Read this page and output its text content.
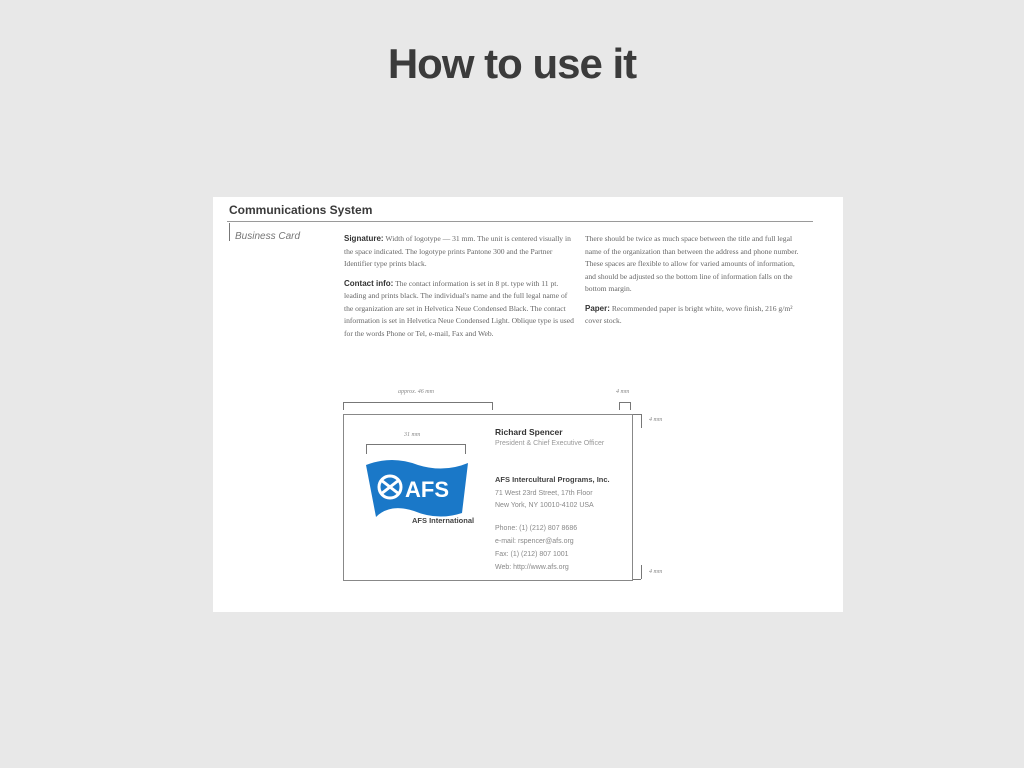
How to use it
Communications System
Business Card	Signature: Width of logotype — 31 mm. The unit is centered visually in the space indicated. The logotype prints Pantone 300 and the Partner Identifier type prints black.

Contact info: The contact information is set in 8 pt. type with 11 pt. leading and prints black. The individual's name and the full legal name of the organization are set in Helvetica Neue Condensed Black. The contact information is set in Helvetica Neue Condensed Light. Oblique type is used for the words Phone or Tel, e-mail, Fax and Web.

There should be twice as much space between the title and full legal name of the organization than between the address and phone number. These spaces are flexible to allow for varied amounts of information, and should be adjusted so the bottom line of information falls on the bottom margin.

Paper: Recommended paper is bright white, wove finish, 216 g/m² cover stock.

approx. 46 mm	4 mm
4 mm
4 mm
31 mm
AFS
AFS International
Richard Spencer
President & Chief Executive Officer
AFS Intercultural Programs, Inc.
71 West 23rd Street, 17th Floor
New York, NY 10010-4102 USA
Phone: (1) (212) 807 8686
e-mail: rspencer@afs.org
Fax: (1) (212) 807 1001
Web: http://www.afs.org
